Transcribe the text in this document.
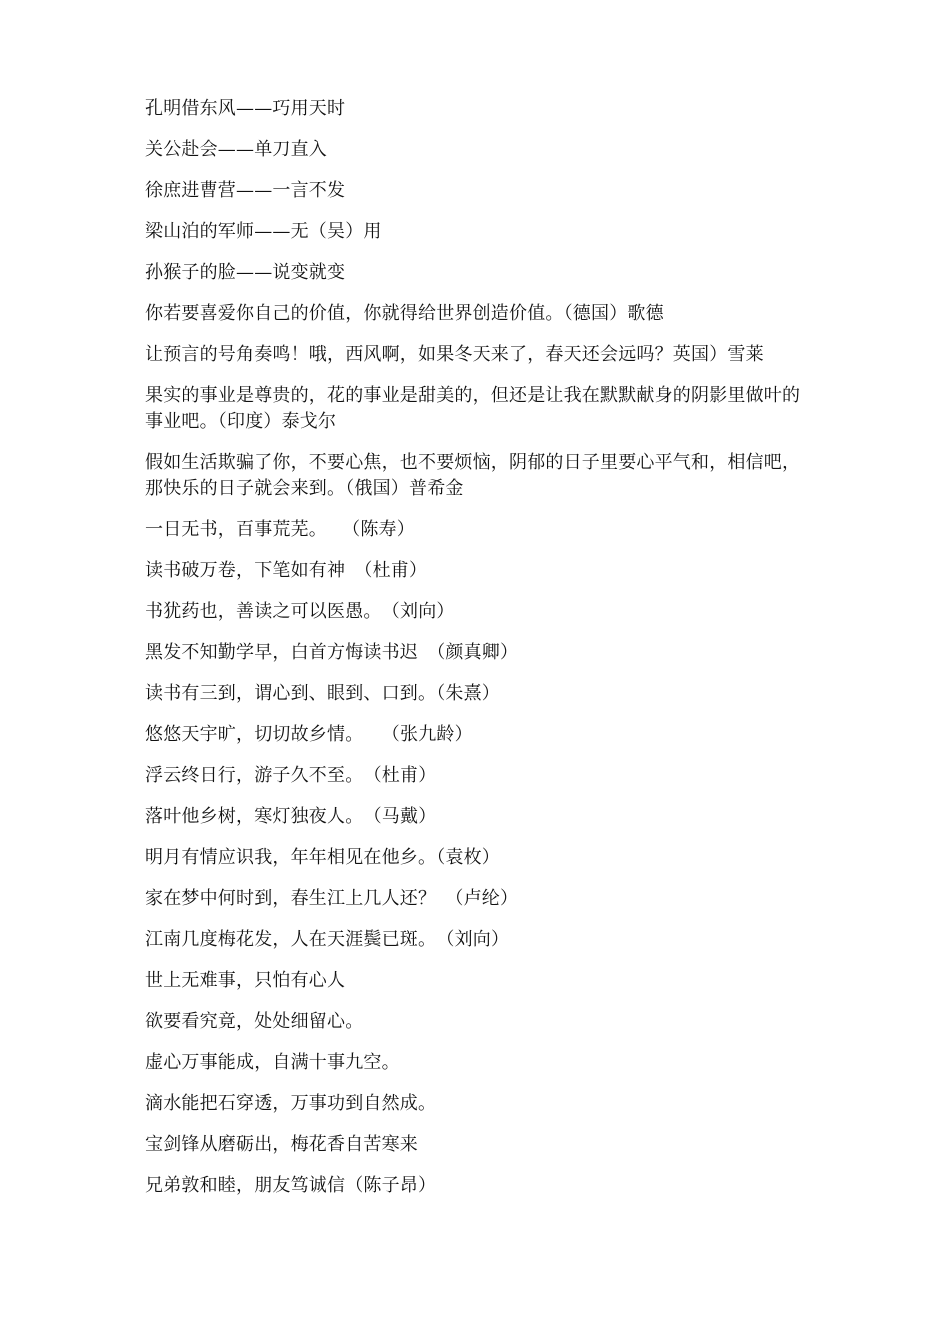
孔明借东风——巧用天时

关公赴会——单刀直入

徐庶进曹营——一言不发

梁山泊的军师——无（吴）用

孙猴子的脸——说变就变

你若要喜爱你自己的价值，你就得给世界创造价值。（德国）歌德

让预言的号角奏鸣！哦，西风啊，如果冬天来了，春天还会远吗？英国）雪莱

果实的事业是尊贵的，花的事业是甜美的，但还是让我在默默献身的阴影里做叶的事业吧。（印度）泰戈尔

假如生活欺骗了你，不要心焦，也不要烦恼，阴郁的日子里要心平气和，相信吧，那快乐的日子就会来到。（俄国）普希金

一日无书，百事荒芜。　 （陈寿）

读书破万卷，下笔如有神　（杜甫）

书犹药也，善读之可以医愚。　（刘向）

黑发不知勤学早，白首方悔读书迟　（颜真卿）

读书有三到，谓心到、眼到、口到。（朱熹）

悠悠天宇旷，切切故乡情。　　（张九龄）

浮云终日行，游子久不至。　（杜甫）

落叶他乡树，寒灯独夜人。　（马戴）

明月有情应识我，年年相见在他乡。（袁枚）

家在梦中何时到，春生江上几人还？　（卢纶）

江南几度梅花发，人在天涯鬓已斑。　（刘向）

世上无难事，只怕有心人

欲要看究竟，处处细留心。

虚心万事能成，自满十事九空。

滴水能把石穿透，万事功到自然成。

宝剑锋从磨砺出，梅花香自苦寒来

兄弟敦和睦，朋友笃诚信（陈子昂）
